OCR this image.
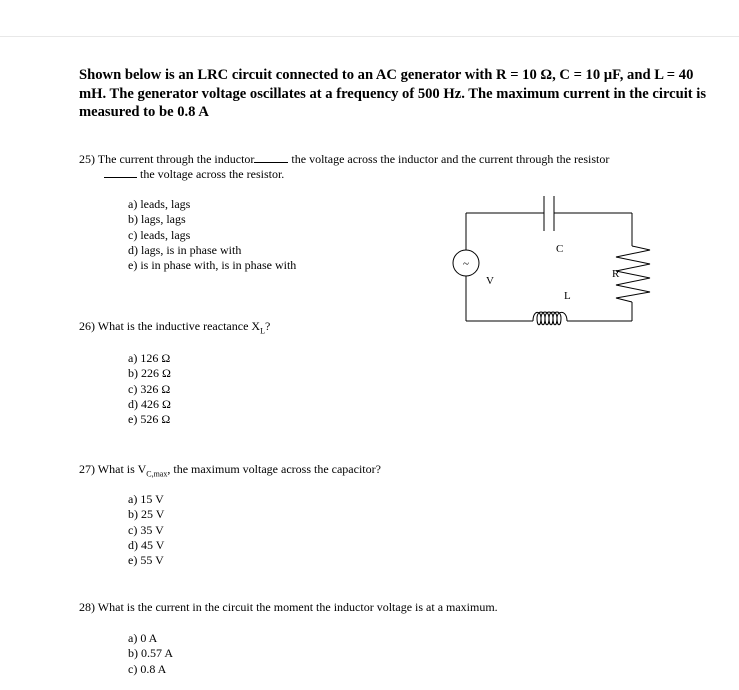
Shown below is an LRC circuit connected to an AC generator with R = 10 Ω, C = 10 µF, and L = 40 mH. The generator voltage oscillates at a frequency of 500 Hz. The maximum current in the circuit is measured to be 0.8 A
25) The current through the inductor	the voltage across the inductor and the current through the resistor
the voltage across the resistor.
a) leads, lags
b) lags, lags
c) leads, lags
d) lags, is in phase with
e) is in phase with, is in phase with	~
C
R
L
V
26) What is the inductive reactance $X_L$?
a) 126 Ω
b) 226 Ω
c) 326 Ω
d) 426 Ω
e) 526 Ω
27) What is $V_{C,max}$, the maximum voltage across the capacitor?
a) 15 V
b) 25 V
c) 35 V
d) 45 V
e) 55 V
28) What is the current in the circuit the moment the inductor voltage is at a maximum.
a) 0 A
b) 0.57 A
c) 0.8 A
